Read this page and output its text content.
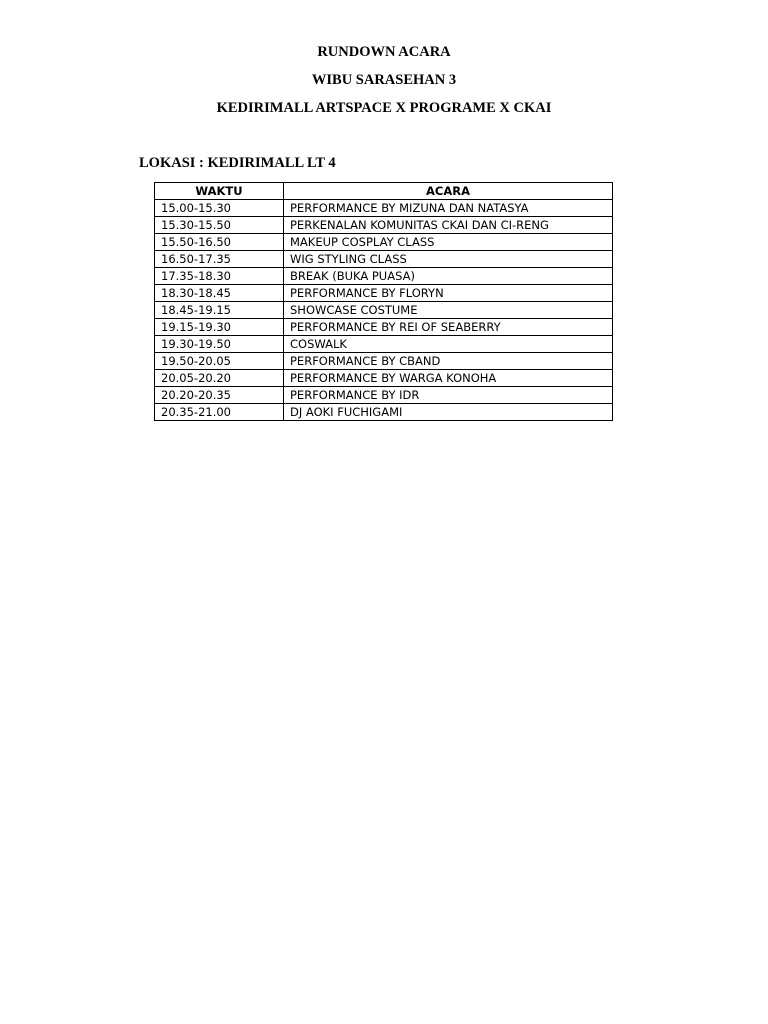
RUNDOWN ACARA
WIBU SARASEHAN 3
KEDIRIMALL ARTSPACE X PROGRAME X CKAI
LOKASI : KEDIRIMALL LT 4
WAKTU	ACARA
15.00-15.30	PERFORMANCE BY MIZUNA DAN NATASYA
15.30-15.50	PERKENALAN KOMUNITAS CKAI DAN CI-RENG
15.50-16.50	MAKEUP COSPLAY CLASS
16.50-17.35	WIG STYLING CLASS
17.35-18.30	BREAK (BUKA PUASA)
18.30-18.45	PERFORMANCE BY FLORYN
18.45-19.15	SHOWCASE COSTUME
19.15-19.30	PERFORMANCE BY REI OF SEABERRY
19.30-19.50	COSWALK
19.50-20.05	PERFORMANCE BY CBAND
20.05-20.20	PERFORMANCE BY WARGA KONOHA
20.20-20.35	PERFORMANCE BY IDR
20.35-21.00	DJ AOKI FUCHIGAMI
